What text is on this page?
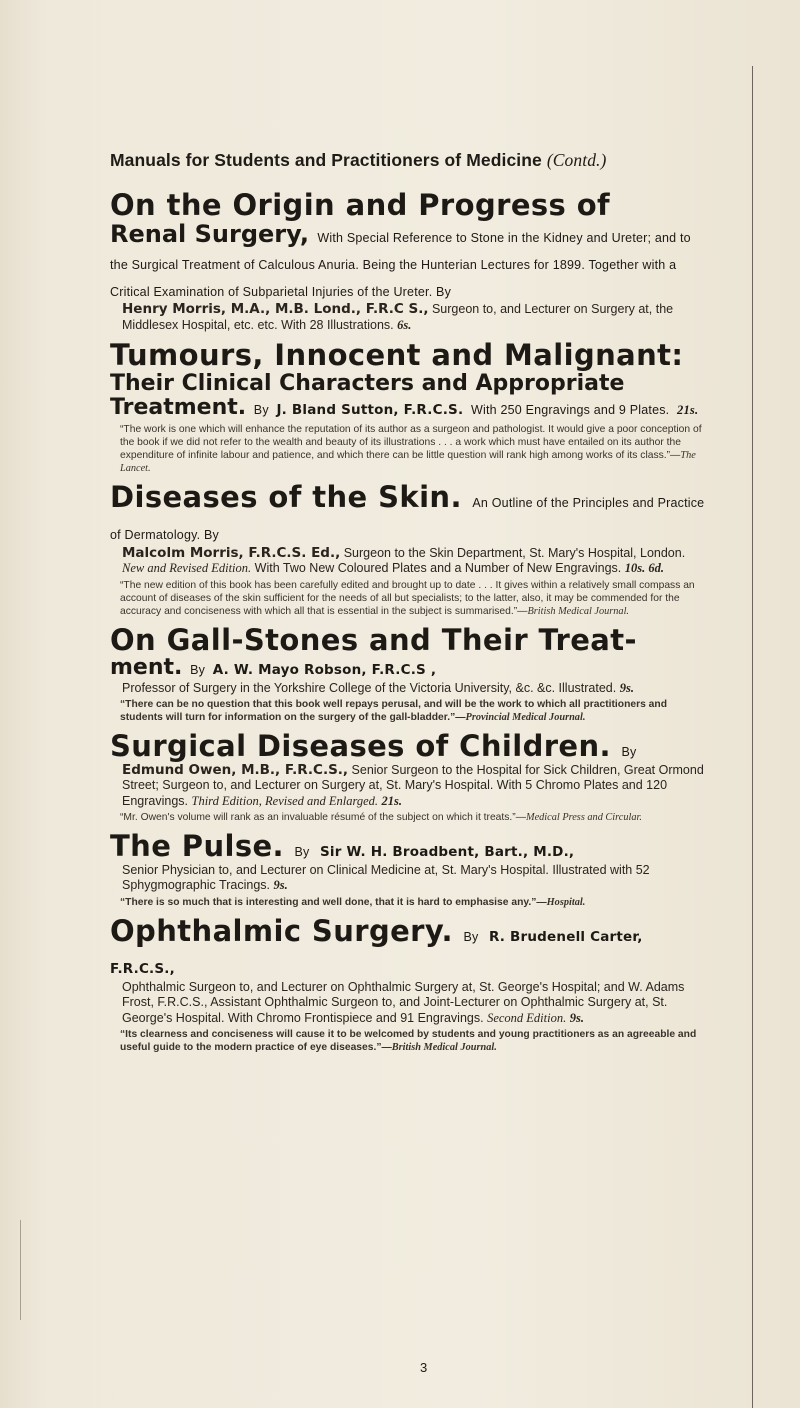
Manuals for Students and Practitioners of Medicine (Contd.)
On the Origin and Progress of
Renal Surgery, With Special Reference to Stone in the Kidney and Ureter; and to the Surgical Treatment of Calculous Anuria. Being the Hunterian Lectures for 1899. Together with a Critical Examination of Subparietal Injuries of the Ureter. By
Henry Morris, M.A., M.B. Lond., F.R.C S., Surgeon to, and Lecturer on Surgery at, the Middlesex Hospital, etc. etc. With 28 Illustrations. 6s.
Tumours, Innocent and Malignant:
Their Clinical Characters and Appropriate
Treatment. By J. Bland Sutton, F.R.C.S. With 250 Engravings and 9 Plates. 21s.
“The work is one which will enhance the reputation of its author as a surgeon and pathologist. It would give a poor conception of the book if we did not refer to the wealth and beauty of its illustrations . . . a work which must have entailed on its author the expenditure of infinite labour and patience, and which there can be little question will rank high among works of its class.”—The Lancet.
Diseases of the Skin. An Outline of the Principles and Practice of Dermatology. By
Malcolm Morris, F.R.C.S. Ed., Surgeon to the Skin Department, St. Mary's Hospital, London. New and Revised Edition. With Two New Coloured Plates and a Number of New Engravings. 10s. 6d.
“The new edition of this book has been carefully edited and brought up to date . . . It gives within a relatively small compass an account of diseases of the skin sufficient for the needs of all but specialists; to the latter, also, it may be commended for the accuracy and conciseness with which all that is essential in the subject is summarised.”—British Medical Journal.
On Gall-Stones and Their Treat-
ment. By A. W. Mayo Robson, F.R.C.S ,
Professor of Surgery in the Yorkshire College of the Victoria University, &c. &c. Illustrated. 9s.
“There can be no question that this book well repays perusal, and will be the work to which all practitioners and students will turn for information on the surgery of the gall-bladder.”—Provincial Medical Journal.
Surgical Diseases of Children. By
Edmund Owen, M.B., F.R.C.S., Senior Surgeon to the Hospital for Sick Children, Great Ormond Street; Surgeon to, and Lecturer on Surgery at, St. Mary's Hospital. With 5 Chromo Plates and 120 Engravings. Third Edition, Revised and Enlarged. 21s.
“Mr. Owen's volume will rank as an invaluable résumé of the subject on which it treats.”—Medical Press and Circular.
The Pulse. By Sir W. H. Broadbent, Bart., M.D.,
Senior Physician to, and Lecturer on Clinical Medicine at, St. Mary's Hospital. Illustrated with 52 Sphygmographic Tracings. 9s.
“There is so much that is interesting and well done, that it is hard to emphasise any.”—Hospital.
Ophthalmic Surgery. By R. Brudenell Carter, F.R.C.S.,
Ophthalmic Surgeon to, and Lecturer on Ophthalmic Surgery at, St. George's Hospital; and W. Adams Frost, F.R.C.S., Assistant Ophthalmic Surgeon to, and Joint-Lecturer on Ophthalmic Surgery at, St. George's Hospital. With Chromo Frontispiece and 91 Engravings. Second Edition. 9s.
“Its clearness and conciseness will cause it to be welcomed by students and young practitioners as an agreeable and useful guide to the modern practice of eye diseases.”—British Medical Journal.
3
